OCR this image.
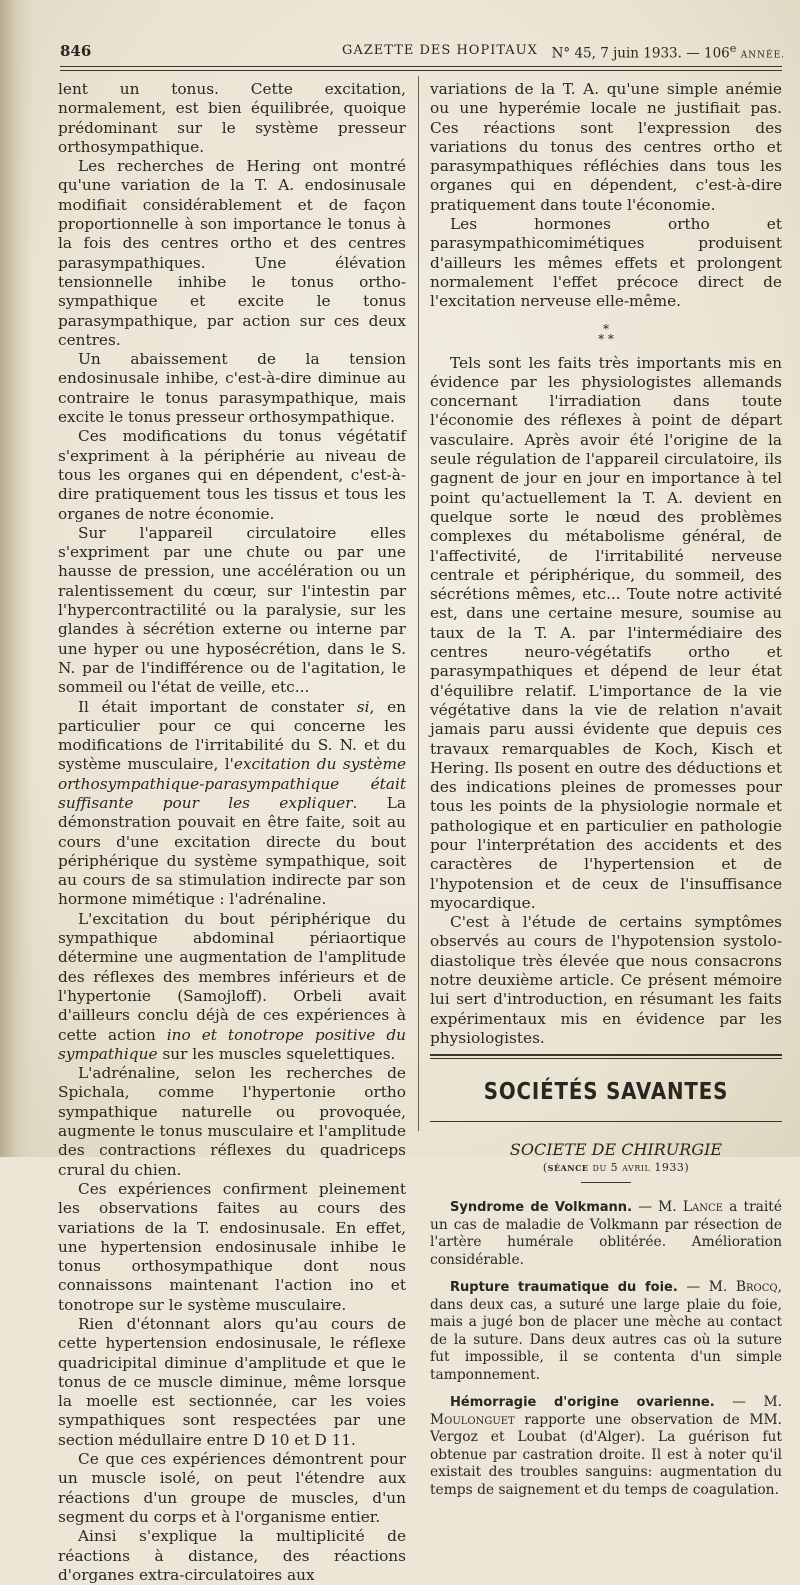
846	GAZETTE DES HOPITAUX N° 45, 7 juin 1933. — 106e ANNÉE.

lent un tonus. Cette excitation, normalement, est bien équilibrée, quoique prédominant sur le système presseur orthosympathique.

Les recherches de Hering ont montré qu'une variation de la T. A. endosinusale modifiait considérablement et de façon proportionnelle à son importance le tonus à la fois des centres ortho et des centres parasympathiques. Une élévation tensionnelle inhibe le tonus ortho-sympathique et excite le tonus parasympathique, par action sur ces deux centres.

Un abaissement de la tension endosinusale inhibe, c'est-à-dire diminue au contraire le tonus parasympathique, mais excite le tonus presseur orthosympathique.

Ces modifications du tonus végétatif s'expriment à la périphérie au niveau de tous les organes qui en dépendent, c'est-à-dire pratiquement tous les tissus et tous les organes de notre économie.

Sur l'appareil circulatoire elles s'expriment par une chute ou par une hausse de pression, une accélération ou un ralentissement du cœur, sur l'intestin par l'hypercontractilité ou la paralysie, sur les glandes à sécrétion externe ou interne par une hyper ou une hyposécrétion, dans le S. N. par de l'indifférence ou de l'agitation, le sommeil ou l'état de veille, etc...

Il était important de constater si, en particulier pour ce qui concerne les modifications de l'irritabilité du S. N. et du système musculaire, l'excitation du système orthosympathique-parasympathique était suffisante pour les expliquer. La démonstration pouvait en être faite, soit au cours d'une excitation directe du bout périphérique du système sympathique, soit au cours de sa stimulation indirecte par son hormone mimétique : l'adrénaline.

L'excitation du bout périphérique du sympathique abdominal périaortique détermine une augmentation de l'amplitude des réflexes des membres inférieurs et de l'hypertonie (Samojloff). Orbeli avait d'ailleurs conclu déjà de ces expériences à cette action ino et tonotrope positive du sympathique sur les muscles squelettiques.

L'adrénaline, selon les recherches de Spichala, comme l'hypertonie ortho sympathique naturelle ou provoquée, augmente le tonus musculaire et l'amplitude des contractions réflexes du quadriceps crural du chien.

Ces expériences confirment pleinement les observations faites au cours des variations de la T. endosinusale. En effet, une hypertension endosinusale inhibe le tonus orthosympathique dont nous connaissons maintenant l'action ino et tonotrope sur le système musculaire.

Rien d'étonnant alors qu'au cours de cette hypertension endosinusale, le réflexe quadricipital diminue d'amplitude et que le tonus de ce muscle diminue, même lorsque la moelle est sectionnée, car les voies sympathiques sont respectées par une section médullaire entre D 10 et D 11.

Ce que ces expériences démontrent pour un muscle isolé, on peut l'étendre aux réactions d'un groupe de muscles, d'un segment du corps et à l'organisme entier.

Ainsi s'explique la multiplicité de réactions à distance, des réactions d'organes extra-circulatoires aux

variations de la T. A. qu'une simple anémie ou une hyperémie locale ne justifiait pas. Ces réactions sont l'expression des variations du tonus des centres ortho et parasympathiques réfléchies dans tous les organes qui en dépendent, c'est-à-dire pratiquement dans toute l'économie.

Les hormones ortho et parasympathicomimétiques produisent d'ailleurs les mêmes effets et prolongent normalement l'effet précoce direct de l'excitation nerveuse elle-même.

*
* *

Tels sont les faits très importants mis en évidence par les physiologistes allemands concernant l'irradiation dans toute l'économie des réflexes à point de départ vasculaire. Après avoir été l'origine de la seule régulation de l'appareil circulatoire, ils gagnent de jour en jour en importance à tel point qu'actuellement la T. A. devient en quelque sorte le nœud des problèmes complexes du métabolisme général, de l'affectivité, de l'irritabilité nerveuse centrale et périphérique, du sommeil, des sécrétions mêmes, etc... Toute notre activité est, dans une certaine mesure, soumise au taux de la T. A. par l'intermédiaire des centres neuro-végétatifs ortho et parasympathiques et dépend de leur état d'équilibre relatif. L'importance de la vie végétative dans la vie de relation n'avait jamais paru aussi évidente que depuis ces travaux remarquables de Koch, Kisch et Hering. Ils posent en outre des déductions et des indications pleines de promesses pour tous les points de la physiologie normale et pathologique et en particulier en pathologie pour l'interprétation des accidents et des caractères de l'hypertension et de l'hypotension et de ceux de l'insuffisance myocardique.

C'est à l'étude de certains symptômes observés au cours de l'hypotension systolo-diastolique très élevée que nous consacrons notre deuxième article. Ce présent mémoire lui sert d'introduction, en résumant les faits expérimentaux mis en évidence par les physiologistes.

SOCIÉTÉS SAVANTES

SOCIETE DE CHIRURGIE

(séance du 5 avril 1933)

Syndrome de Volkmann. — M. Lance a traité un cas de maladie de Volkmann par résection de l'artère humérale oblitérée. Amélioration considérable.

Rupture traumatique du foie. — M. Brocq, dans deux cas, a suturé une large plaie du foie, mais a jugé bon de placer une mèche au contact de la suture. Dans deux autres cas où la suture fut impossible, il se contenta d'un simple tamponnement.

Hémorragie d'origine ovarienne. — M. Moulonguet rapporte une observation de MM. Vergoz et Loubat (d'Alger). La guérison fut obtenue par castration droite. Il est à noter qu'il existait des troubles sanguins: augmentation du temps de saignement et du temps de coagulation.
